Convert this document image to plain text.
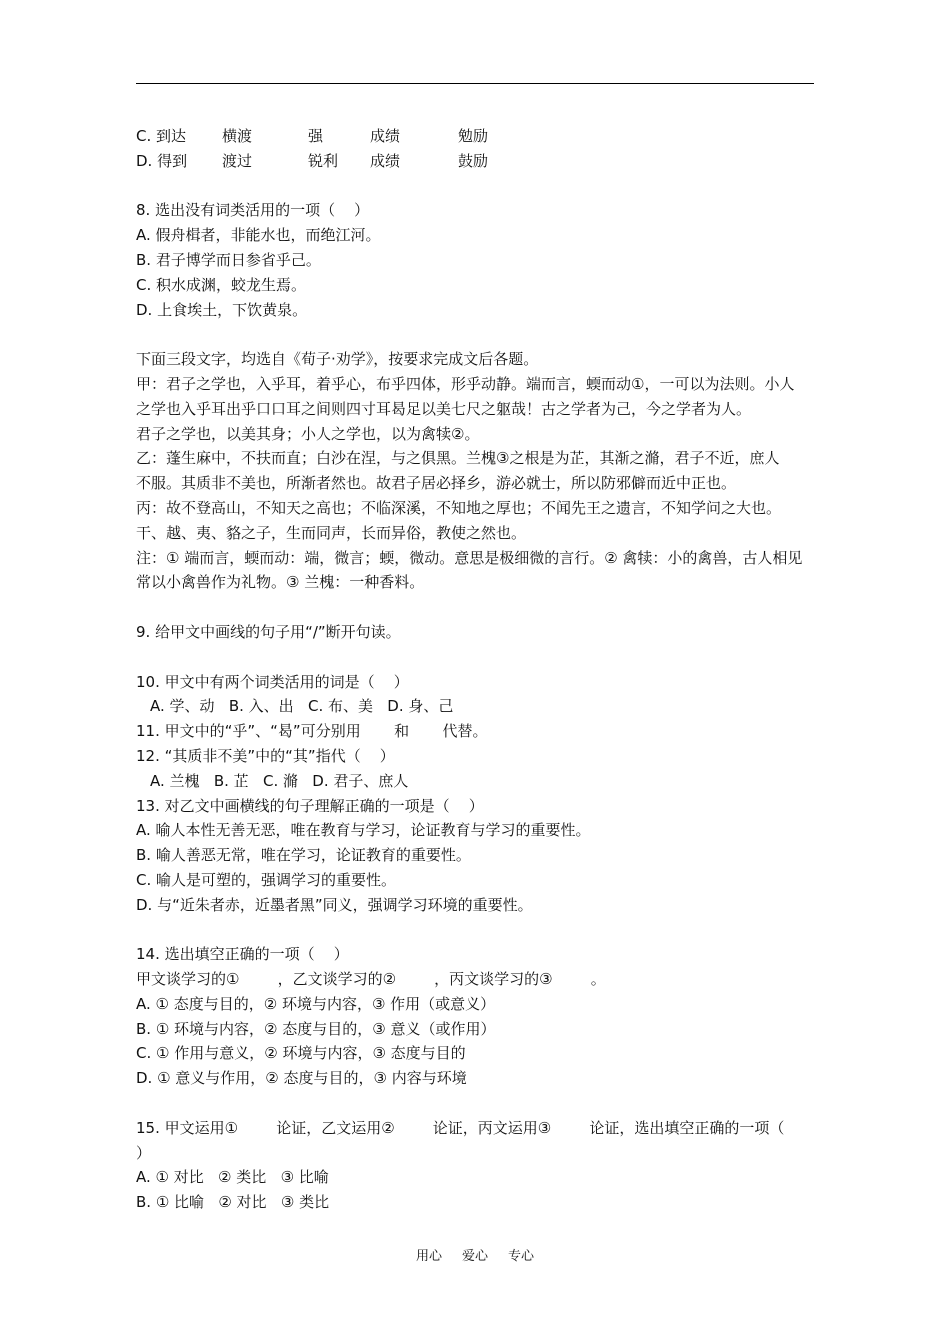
C. 到达	横渡	强	成绩	勉励
D. 得到	渡过	锐利	成绩	鼓励
8. 选出没有词类活用的一项（    ）
A. 假舟楫者，非能水也，而绝江河。
B. 君子博学而日参省乎己。
C. 积水成渊，蛟龙生焉。
D. 上食埃土，下饮黄泉。
下面三段文字，均选自《荀子·劝学》，按要求完成文后各题。
甲：君子之学也，入乎耳，着乎心，布乎四体，形乎动静。端而言，蝡而动①，一可以为法则。小人
之学也入乎耳出乎口口耳之间则四寸耳曷足以美七尺之躯哉！古之学者为己，今之学者为人。
君子之学也，以美其身；小人之学也，以为禽犊②。
乙：蓬生麻中，不扶而直；白沙在涅，与之俱黑。兰槐③之根是为芷，其渐之滫，君子不近，庶人
不服。其质非不美也，所渐者然也。故君子居必择乡，游必就士，所以防邪僻而近中正也。
丙：故不登高山，不知天之高也；不临深溪，不知地之厚也；不闻先王之遗言，不知学问之大也。
干、越、夷、貉之子，生而同声，长而异俗，教使之然也。
注：① 端而言，蝡而动：端，微言；蝡，微动。意思是极细微的言行。② 禽犊：小的禽兽，古人相见
常以小禽兽作为礼物。③ 兰槐：一种香料。
9. 给甲文中画线的句子用“/”断开句读。
10. 甲文中有两个词类活用的词是（    ）
A. 学、动   B. 入、出   C. 布、美   D. 身、己
11. 甲文中的“乎”、“曷”可分别用       和       代替。
12. “其质非不美”中的“其”指代（    ）
A. 兰槐   B. 芷   C. 滫   D. 君子、庶人
13. 对乙文中画横线的句子理解正确的一项是（    ）
A. 喻人本性无善无恶，唯在教育与学习，论证教育与学习的重要性。
B. 喻人善恶无常，唯在学习，论证教育的重要性。
C. 喻人是可塑的，强调学习的重要性。
D. 与“近朱者赤，近墨者黑”同义，强调学习环境的重要性。
14. 选出填空正确的一项（    ）
甲文谈学习的①        ，乙文谈学习的②        ，丙文谈学习的③        。
A. ① 态度与目的，② 环境与内容，③ 作用（或意义）
B. ① 环境与内容，② 态度与目的，③ 意义（或作用）
C. ① 作用与意义，② 环境与内容，③ 态度与目的
D. ① 意义与作用，② 态度与目的，③ 内容与环境
15. 甲文运用①        论证，乙文运用②        论证，丙文运用③        论证，选出填空正确的一项（
）
A. ① 对比   ② 类比   ③ 比喻
B. ① 比喻   ② 对比   ③ 类比
用心 爱心 专心
